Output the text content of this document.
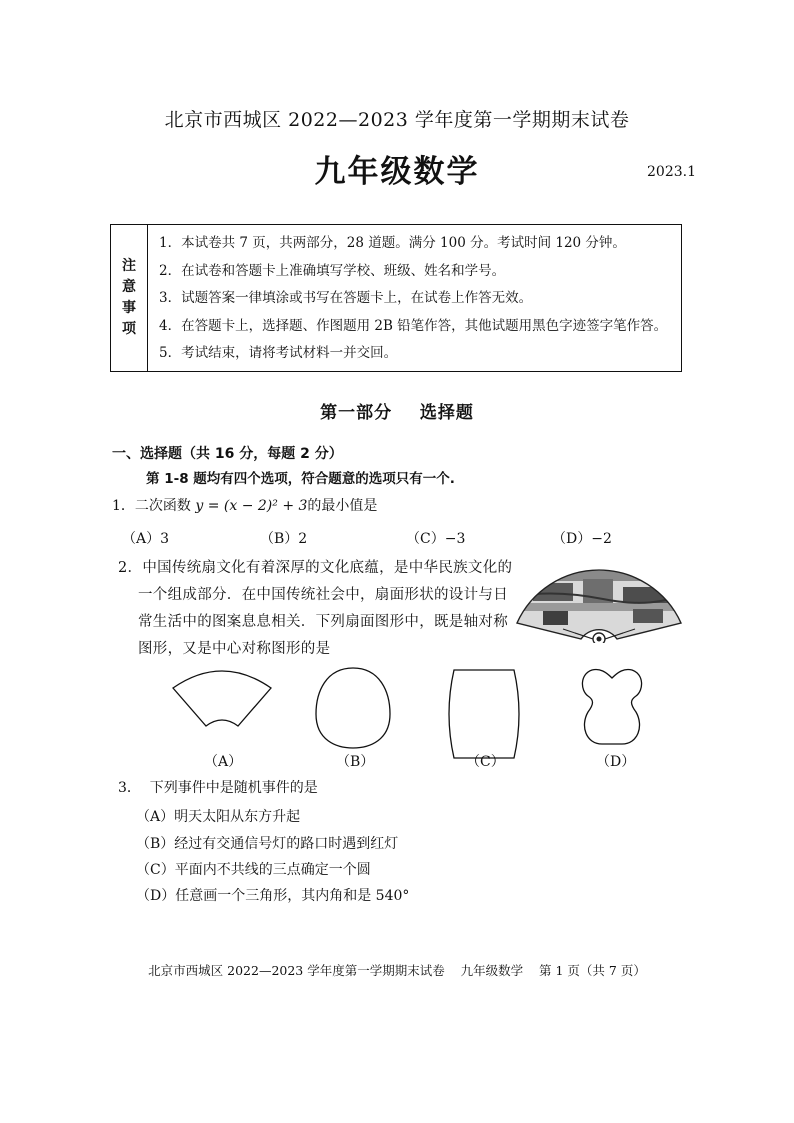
北京市西城区 2022—2023 学年度第一学期期末试卷
九年级数学	2023.1
注
意
事
项
1．本试卷共 7 页，共两部分，28 道题。满分 100 分。考试时间 120 分钟。
2．在试卷和答题卡上准确填写学校、班级、姓名和学号。
3．试题答案一律填涂或书写在答题卡上，在试卷上作答无效。
4．在答题卡上，选择题、作图题用 2B 铅笔作答，其他试题用黑色字迹签字笔作答。
5．考试结束，请将考试材料一并交回。
第一部分    选择题
一、选择题（共 16 分，每题 2 分）
第 1-8 题均有四个选项，符合题意的选项只有一个.
1．二次函数 y = (x − 2)² + 3的最小值是
（A）3	（B）2	（C）−3	（D）−2
2．中国传统扇文化有着深厚的文化底蕴，是中华民族文化的
一个组成部分．在中国传统社会中，扇面形状的设计与日
常生活中的图案息息相关．下列扇面图形中，既是轴对称
图形，又是中心对称图形的是
（A）	（B）	（C）	（D）
3．  下列事件中是随机事件的是
（A）明天太阳从东方升起
（B）经过有交通信号灯的路口时遇到红灯
（C）平面内不共线的三点确定一个圆
（D）任意画一个三角形，其内角和是 540°
北京市西城区 2022—2023 学年度第一学期期末试卷    九年级数学    第 1 页（共 7 页）
